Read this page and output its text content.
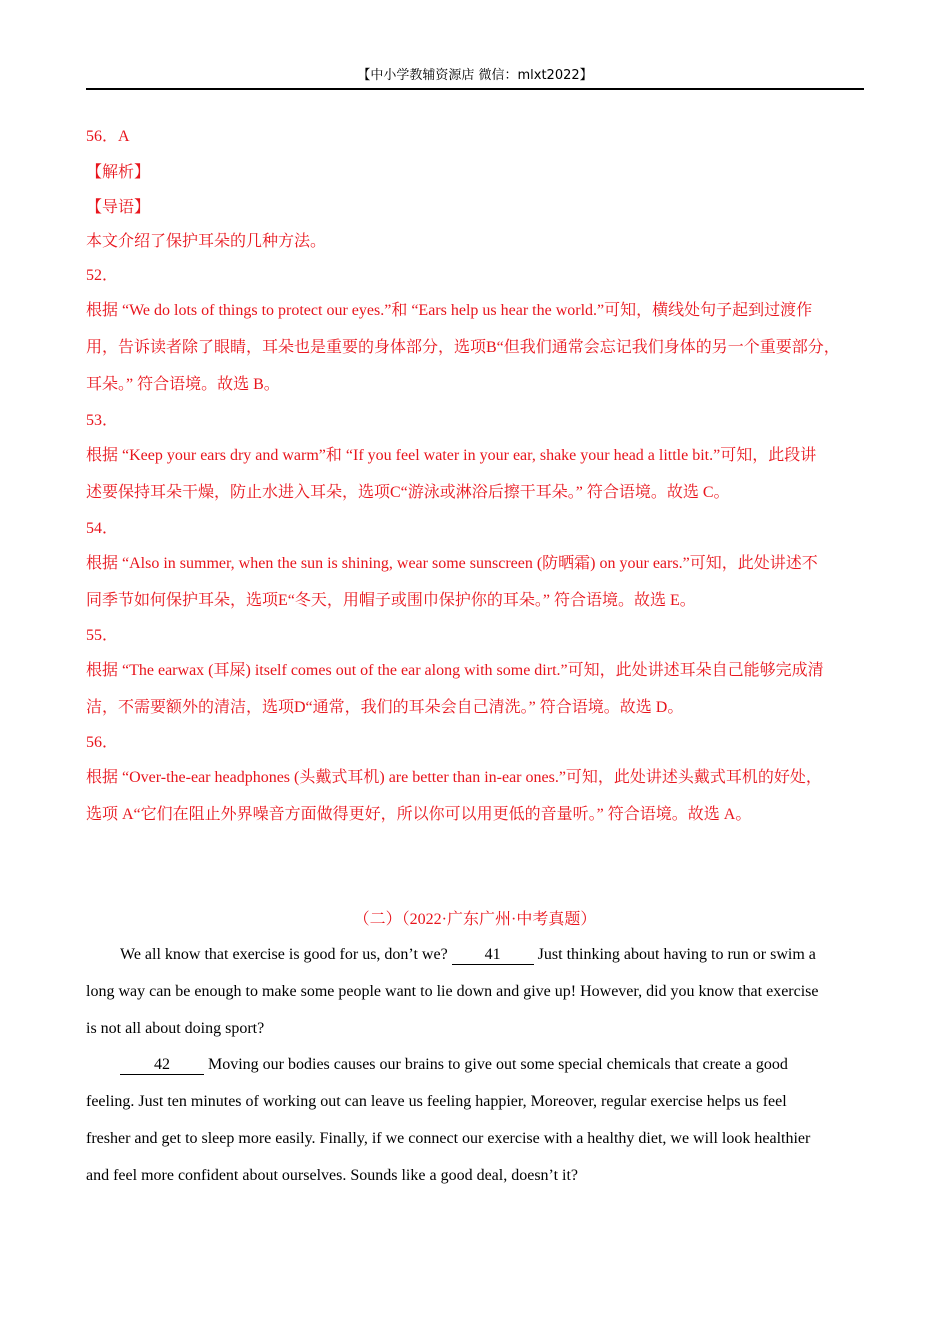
【中小学教辅资源店 微信：mlxt2022】
56．A
【解析】
【导语】
本文介绍了保护耳朵的几种方法。
52．
根据 “We do lots of things to protect our eyes.”和 “Ears help us hear the world.”可知，横线处句子起到过渡作
用，告诉读者除了眼睛，耳朵也是重要的身体部分，选项B“但我们通常会忘记我们身体的另一个重要部分，
耳朵。” 符合语境。故选 B。
53．
根据 “Keep your ears dry and warm”和 “If you feel water in your ear, shake your head a little bit.”可知，此段讲
述要保持耳朵干燥，防止水进入耳朵，选项C“游泳或淋浴后擦干耳朵。” 符合语境。故选 C。
54．
根据 “Also in summer, when the sun is shining, wear some sunscreen (防晒霜) on your ears.”可知，此处讲述不
同季节如何保护耳朵，选项E“冬天，用帽子或围巾保护你的耳朵。” 符合语境。故选 E。
55．
根据 “The earwax (耳屎) itself comes out of the ear along with some dirt.”可知，此处讲述耳朵自己能够完成清
洁，不需要额外的清洁，选项D“通常，我们的耳朵会自己清洗。” 符合语境。故选 D。
56．
根据 “Over-the-ear headphones (头戴式耳机) are better than in-ear ones.”可知，此处讲述头戴式耳机的好处，
选项 A“它们在阻止外界噪音方面做得更好，所以你可以用更低的音量听。” 符合语境。故选 A。
（二）（2022·广东广州·中考真题）
We all know that exercise is good for us, don’t we? 41 Just thinking about having to run or swim a
long way can be enough to make some people want to lie down and give up! However, did you know that exercise
is not all about doing sport?
42 Moving our bodies causes our brains to give out some special chemicals that create a good
feeling. Just ten minutes of working out can leave us feeling happier, Moreover, regular exercise helps us feel
fresher and get to sleep more easily. Finally, if we connect our exercise with a healthy diet, we will look healthier
and feel more confident about ourselves. Sounds like a good deal, doesn’t it?
